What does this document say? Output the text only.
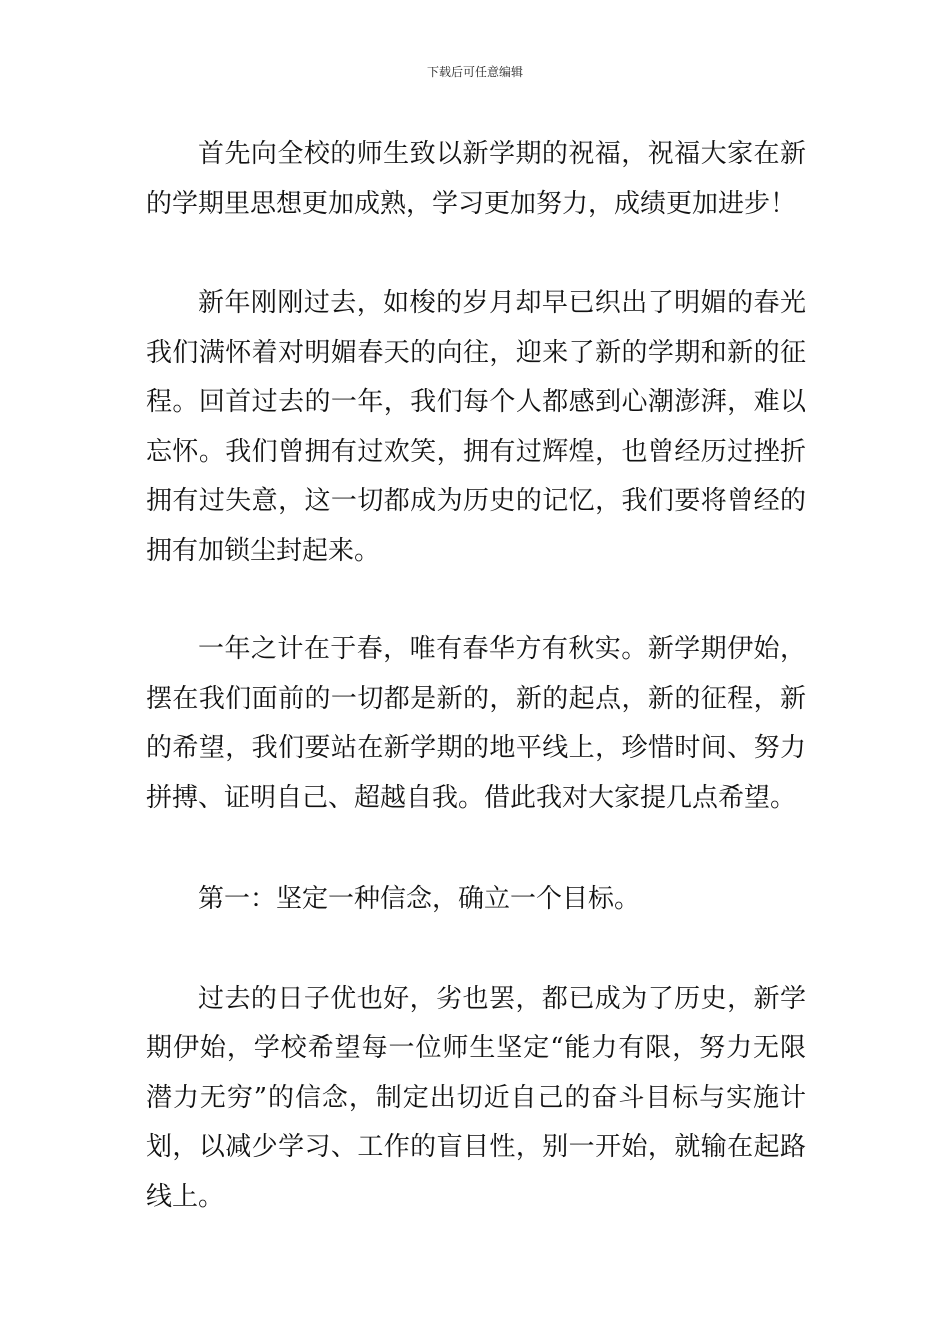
下载后可任意编辑

首先向全校的师生致以新学期的祝福，祝福大家在新的学期里思想更加成熟，学习更加努力，成绩更加进步！

新年刚刚过去，如梭的岁月却早已织出了明媚的春光我们满怀着对明媚春天的向往，迎来了新的学期和新的征程。回首过去的一年，我们每个人都感到心潮澎湃，难以忘怀。我们曾拥有过欢笑，拥有过辉煌，也曾经历过挫折拥有过失意，这一切都成为历史的记忆，我们要将曾经的拥有加锁尘封起来。

一年之计在于春，唯有春华方有秋实。新学期伊始，摆在我们面前的一切都是新的，新的起点，新的征程，新的希望，我们要站在新学期的地平线上，珍惜时间、努力拼搏、证明自己、超越自我。借此我对大家提几点希望。

第一：坚定一种信念，确立一个目标。

过去的日子优也好，劣也罢，都已成为了历史，新学期伊始，学校希望每一位师生坚定“能力有限，努力无限潜力无穷”的信念，制定出切近自己的奋斗目标与实施计划，以减少学习、工作的盲目性，别一开始，就输在起路线上。
